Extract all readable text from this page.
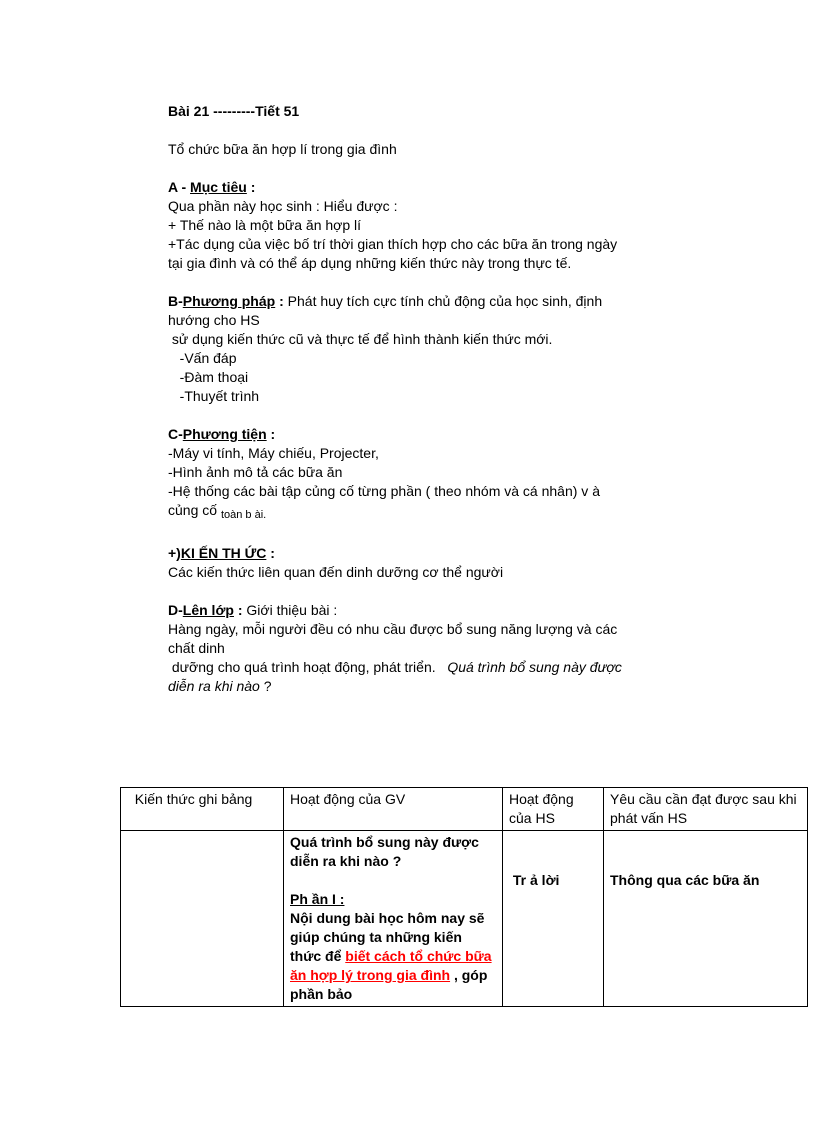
Bài 21 ---------Tiết 51
Tổ chức bữa ăn hợp lí trong gia đình
A - Mục tiêu :
Qua phần này học sinh : Hiểu được :
+ Thế nào là một bữa ăn hợp lí
+Tác dụng của việc bố trí thời gian thích hợp cho các bữa ăn trong ngày
tại gia đình và có thể áp dụng những kiến thức này trong thực tế.
B-Phương pháp : Phát huy tích cực tính chủ động của học sinh, định
hướng cho HS
sử dụng kiến thức cũ và thực tế để hình thành kiến thức mới.
-Vấn đáp
-Đàm thoại
-Thuyết trình
C-Phương tiện :
-Máy vi tính, Máy chiếu, Projecter,
-Hình ảnh mô tả các bữa ăn
-Hệ thống các bài tập củng cố từng phần ( theo nhóm và cá nhân) v à
củng cố $_{toàn b ài.}$
+)KI ẾN TH ỨC :
Các kiến thức liên quan đến dinh dưỡng cơ thể người
D-Lên lớp : Giới thiệu bài :
Hàng ngày, mỗi người đều có nhu cầu được bổ sung năng lượng và các
chất dinh
dưỡng cho quá trình hoạt động, phát triển. Quá trình bổ sung này được
diễn ra khi nào ?
Kiến thức ghi bảng	Hoạt động của GV	Hoạt động của HS	Yêu cầu cần đạt được sau khi phát vấn HS

	Quá trình bổ sung này được diễn ra khi nào ?
Ph ần I :
Nội dung bài học hôm nay sẽ giúp chúng ta những kiến thức để biết cách tổ chức bữa ăn hợp lý trong gia đình , góp phần bảo	Tr ả lời	Thông qua các bữa ăn
